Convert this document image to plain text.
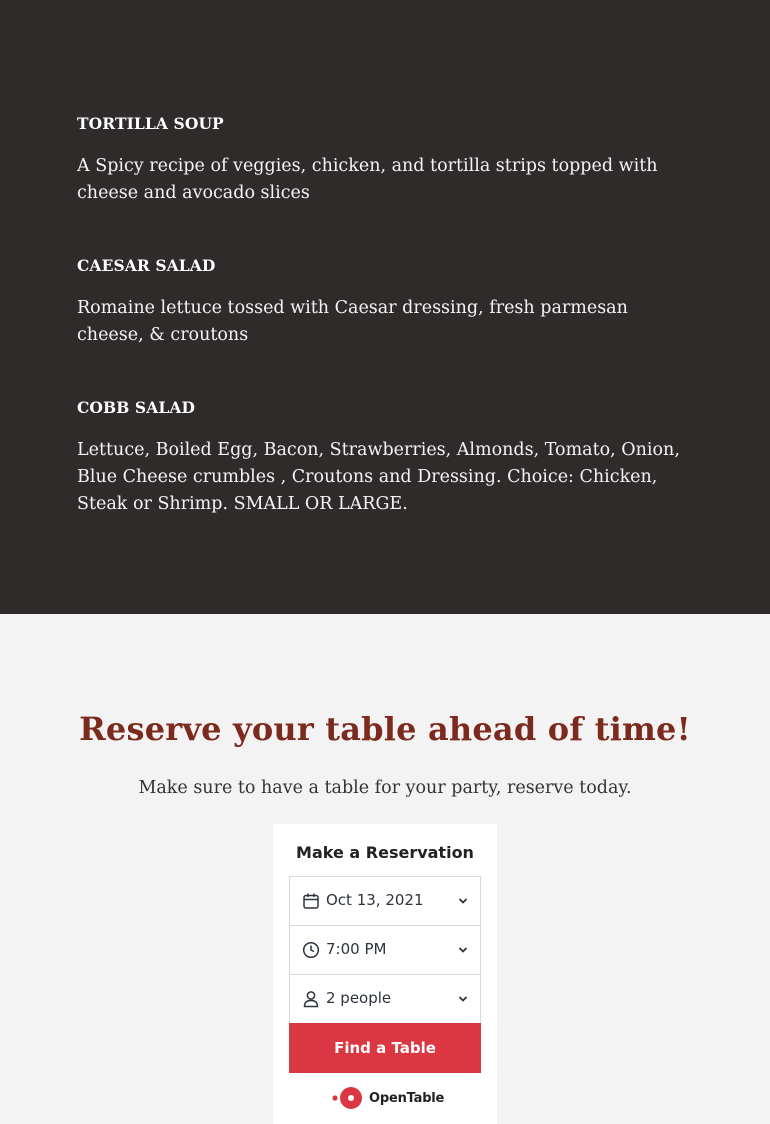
TORTILLA SOUP
A Spicy recipe of veggies, chicken, and tortilla strips topped with cheese and avocado slices
CAESAR SALAD
Romaine lettuce tossed with Caesar dressing, fresh parmesan cheese, & croutons
COBB SALAD
Lettuce, Boiled Egg, Bacon, Strawberries, Almonds, Tomato, Onion, Blue Cheese crumbles , Croutons and Dressing. Choice: Chicken, Steak or Shrimp. SMALL OR LARGE.
Reserve your table ahead of time!

Make sure to have a table for your party, reserve today.

Make a Reservation
Oct 13, 2021
7:00 PM
2 people
Find a Table
OpenTable
